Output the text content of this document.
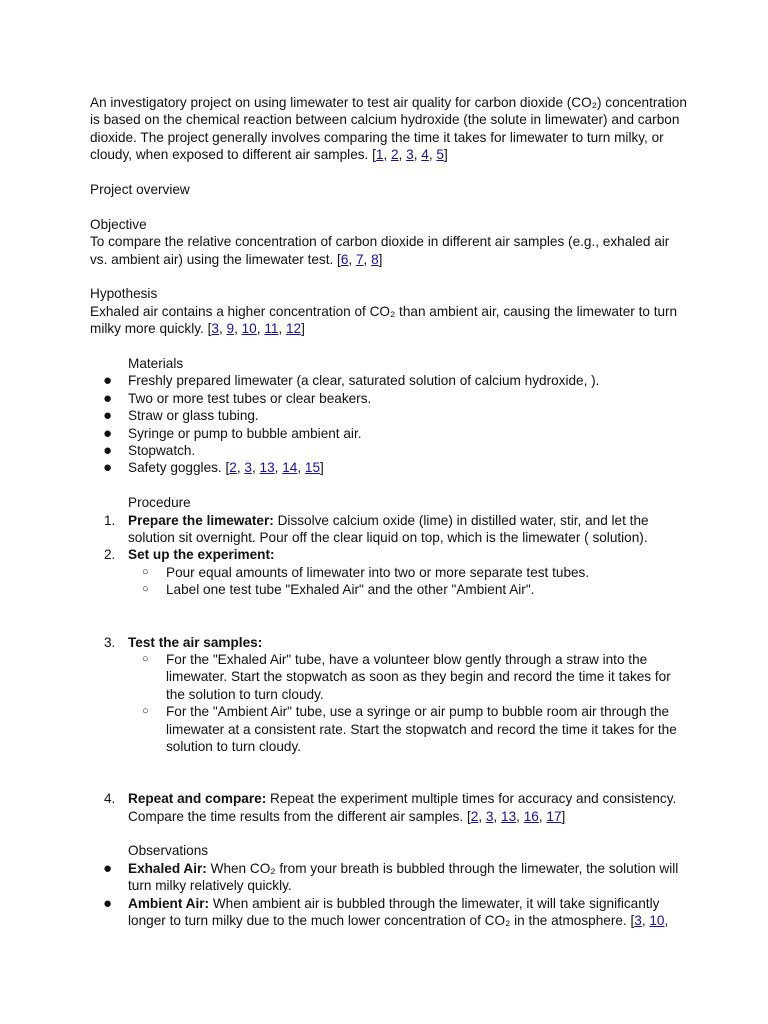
An investigatory project on using limewater to test air quality for carbon dioxide (CO₂) concentration is based on the chemical reaction between calcium hydroxide (the solute in limewater) and carbon dioxide. The project generally involves comparing the time it takes for limewater to turn milky, or cloudy, when exposed to different air samples. [1, 2, 3, 4, 5]

Project overview

Objective

To compare the relative concentration of carbon dioxide in different air samples (e.g., exhaled air vs. ambient air) using the limewater test. [6, 7, 8]

Hypothesis

Exhaled air contains a higher concentration of CO₂ than ambient air, causing the limewater to turn milky more quickly. [3, 9, 10, 11, 12]

Materials

● Freshly prepared limewater (a clear, saturated solution of calcium hydroxide, ).
● Two or more test tubes or clear beakers.
● Straw or glass tubing.
● Syringe or pump to bubble ambient air.
● Stopwatch.
● Safety goggles. [2, 3, 13, 14, 15]

Procedure

1. Prepare the limewater: Dissolve calcium oxide (lime) in distilled water, stir, and let the solution sit overnight. Pour off the clear liquid on top, which is the limewater ( solution).
2. Set up the experiment:
○ Pour equal amounts of limewater into two or more separate test tubes.
○ Label one test tube "Exhaled Air" and the other "Ambient Air".
3. Test the air samples:
○ For the "Exhaled Air" tube, have a volunteer blow gently through a straw into the limewater. Start the stopwatch as soon as they begin and record the time it takes for the solution to turn cloudy.
○ For the "Ambient Air" tube, use a syringe or air pump to bubble room air through the limewater at a consistent rate. Start the stopwatch and record the time it takes for the solution to turn cloudy.
4. Repeat and compare: Repeat the experiment multiple times for accuracy and consistency. Compare the time results from the different air samples. [2, 3, 13, 16, 17]

Observations

● Exhaled Air: When CO₂ from your breath is bubbled through the limewater, the solution will turn milky relatively quickly.
● Ambient Air: When ambient air is bubbled through the limewater, it will take significantly longer to turn milky due to the much lower concentration of CO₂ in the atmosphere. [3, 10,
